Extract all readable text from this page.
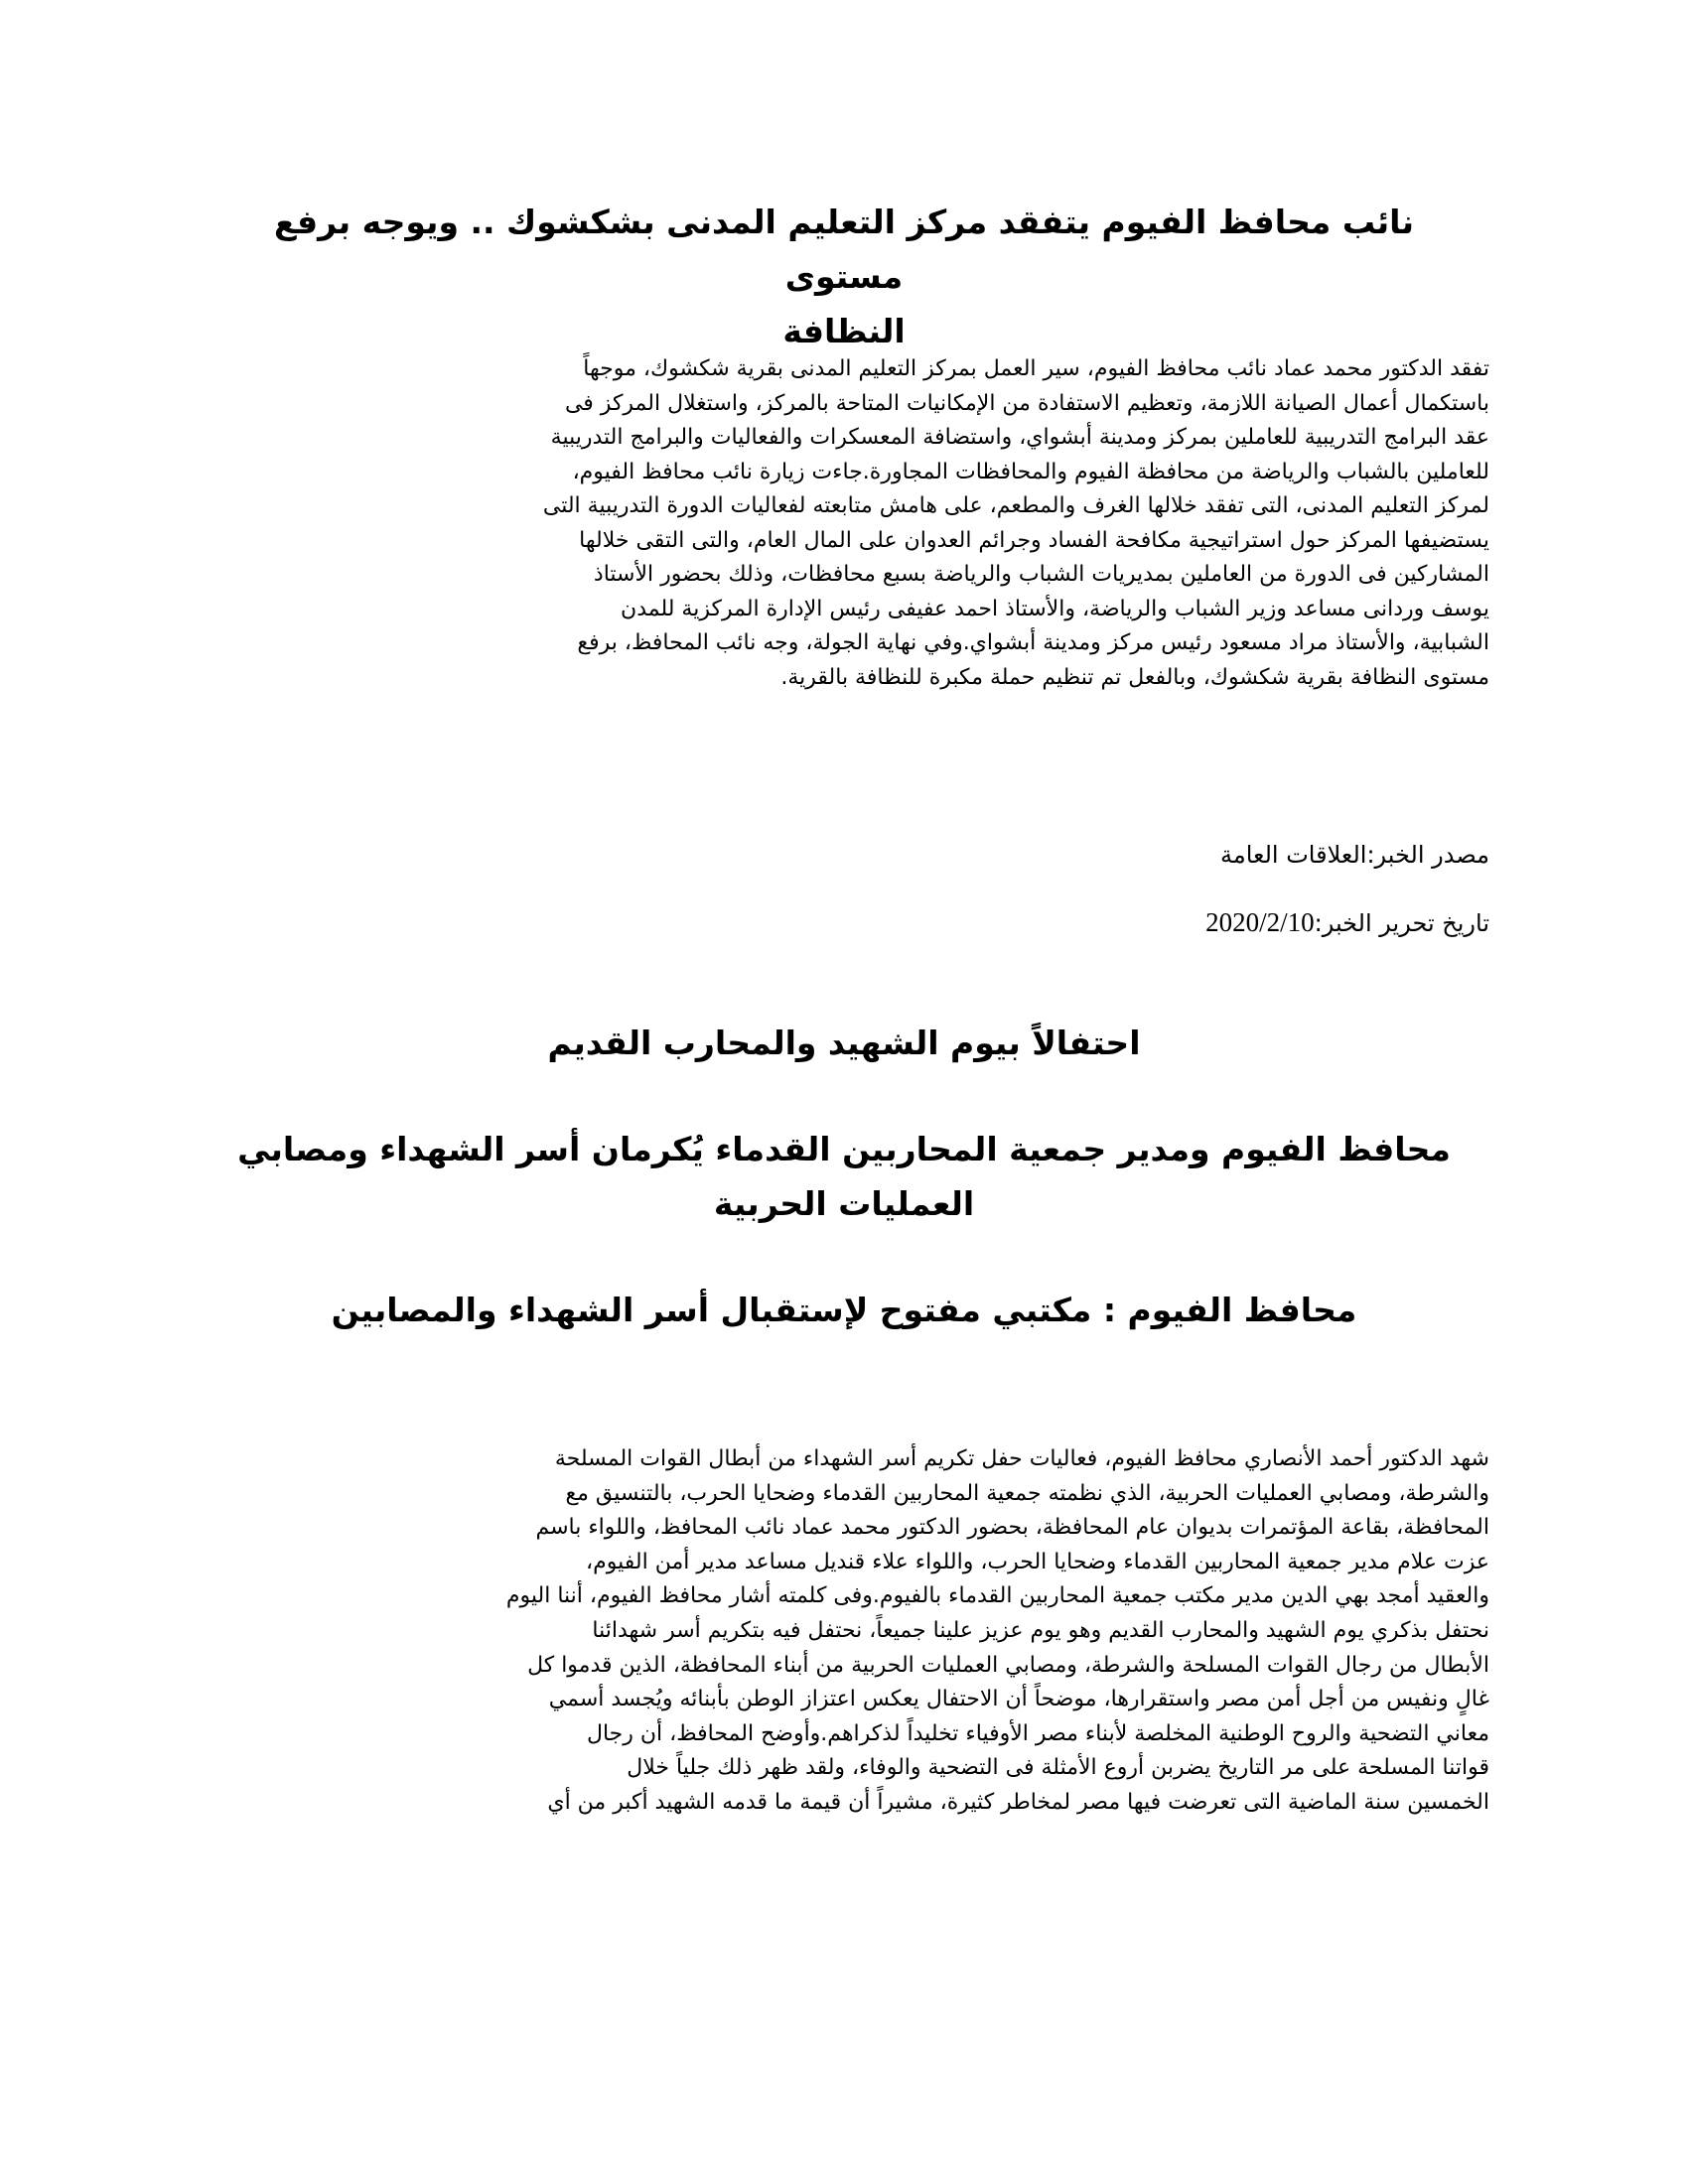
نائب محافظ الفيوم يتفقد مركز التعليم المدنى بشكشوك .. ويوجه برفع مستوى
النظافة
تفقد الدكتور محمد عماد نائب محافظ الفيوم، سير العمل بمركز التعليم المدنى بقرية شكشوك، موجهاً
باستكمال أعمال الصيانة اللازمة، وتعظيم الاستفادة من الإمكانيات المتاحة بالمركز، واستغلال المركز فى
عقد البرامج التدريبية للعاملين بمركز ومدينة أبشواي، واستضافة المعسكرات والفعاليات والبرامج التدريبية
للعاملين بالشباب والرياضة من محافظة الفيوم والمحافظات المجاورة.جاءت زيارة نائب محافظ الفيوم،
لمركز التعليم المدنى، التى تفقد خلالها الغرف والمطعم، على هامش متابعته لفعاليات الدورة التدريبية التى
يستضيفها المركز حول استراتيجية مكافحة الفساد وجرائم العدوان على المال العام، والتى التقى خلالها
المشاركين فى الدورة من العاملين بمديريات الشباب والرياضة بسبع محافظات، وذلك بحضور الأستاذ
يوسف وردانى مساعد وزير الشباب والرياضة، والأستاذ احمد عفيفى رئيس الإدارة المركزية للمدن
الشبابية، والأستاذ مراد مسعود رئيس مركز ومدينة أبشواي.وفي نهاية الجولة، وجه نائب المحافظ، برفع
مستوى النظافة بقرية شكشوك، وبالفعل تم تنظيم حملة مكبرة للنظافة بالقرية.

مصدر الخبر:العلاقات العامة

تاريخ تحرير الخبر:2020/2/10

احتفالاً بيوم الشهيد والمحارب القديم
محافظ الفيوم ومدير جمعية المحاربين القدماء يُكرمان أسر الشهداء ومصابي
العمليات الحربية
محافظ الفيوم : مكتبي مفتوح لإستقبال أسر الشهداء والمصابين
شهد الدكتور أحمد الأنصاري محافظ الفيوم، فعاليات حفل تكريم أسر الشهداء من أبطال القوات المسلحة
والشرطة، ومصابي العمليات الحربية، الذي نظمته جمعية المحاربين القدماء وضحايا الحرب، بالتنسيق مع
المحافظة، بقاعة المؤتمرات بديوان عام المحافظة، بحضور الدكتور محمد عماد نائب المحافظ، واللواء باسم
عزت علام مدير جمعية المحاربين القدماء وضحايا الحرب، واللواء علاء قنديل مساعد مدير أمن الفيوم،
والعقيد أمجد بهي الدين مدير مكتب جمعية المحاربين القدماء بالفيوم.وفى كلمته أشار محافظ الفيوم، أننا اليوم
نحتفل بذكري يوم الشهيد والمحارب القديم وهو يوم عزيز علينا جميعاً، نحتفل فيه بتكريم أسر شهدائنا
الأبطال من رجال القوات المسلحة والشرطة، ومصابي العمليات الحربية من أبناء المحافظة، الذين قدموا كل
غالٍ ونفيس من أجل أمن مصر واستقرارها، موضحاً أن الاحتفال يعكس اعتزاز الوطن بأبنائه ويُجسد أسمي
معاني التضحية والروح الوطنية المخلصة لأبناء مصر الأوفياء تخليداً لذكراهم.وأوضح المحافظ، أن رجال
قواتنا المسلحة على مر التاريخ يضربن أروع الأمثلة فى التضحية والوفاء، ولقد ظهر ذلك جلياً خلال
الخمسين سنة الماضية التى تعرضت فيها مصر لمخاطر كثيرة، مشيراً أن قيمة ما قدمه الشهيد أكبر من أي
